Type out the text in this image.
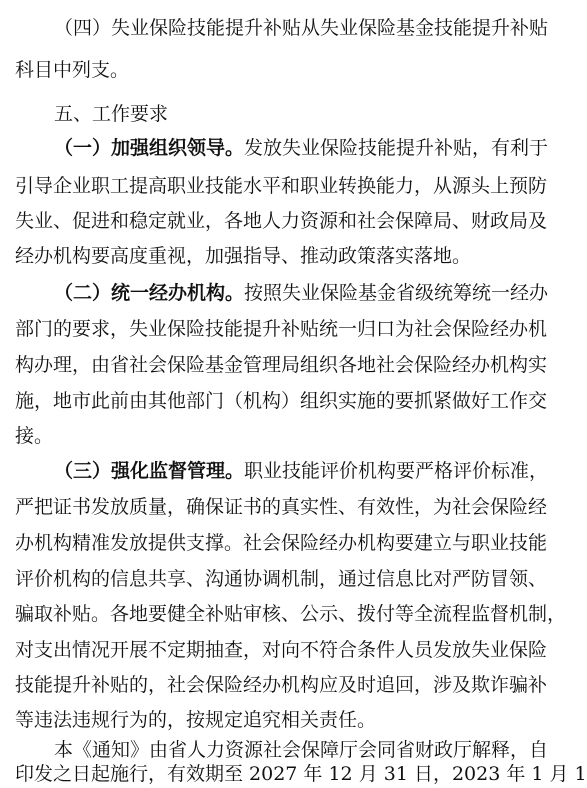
（四）失业保险技能提升补贴从失业保险基金技能提升补贴
科目中列支。
五、工作要求
（一）加强组织领导。发放失业保险技能提升补贴，有利于
引导企业职工提高职业技能水平和职业转换能力，从源头上预防
失业、促进和稳定就业，各地人力资源和社会保障局、财政局及
经办机构要高度重视，加强指导、推动政策落实落地。
（二）统一经办机构。按照失业保险基金省级统筹统一经办
部门的要求，失业保险技能提升补贴统一归口为社会保险经办机
构办理，由省社会保险基金管理局组织各地社会保险经办机构实
施，地市此前由其他部门（机构）组织实施的要抓紧做好工作交
接。
（三）强化监督管理。职业技能评价机构要严格评价标准，
严把证书发放质量，确保证书的真实性、有效性，为社会保险经
办机构精准发放提供支撑。社会保险经办机构要建立与职业技能
评价机构的信息共享、沟通协调机制，通过信息比对严防冒领、
骗取补贴。各地要健全补贴审核、公示、拨付等全流程监督机制，
对支出情况开展不定期抽查，对向不符合条件人员发放失业保险
技能提升补贴的，社会保险经办机构应及时追回，涉及欺诈骗补
等违法违规行为的，按规定追究相关责任。
本《通知》由省人力资源社会保障厅会同省财政厅解释，自
印发之日起施行，有效期至 2027 年 12 月 31 日，2023 年 1 月 1
